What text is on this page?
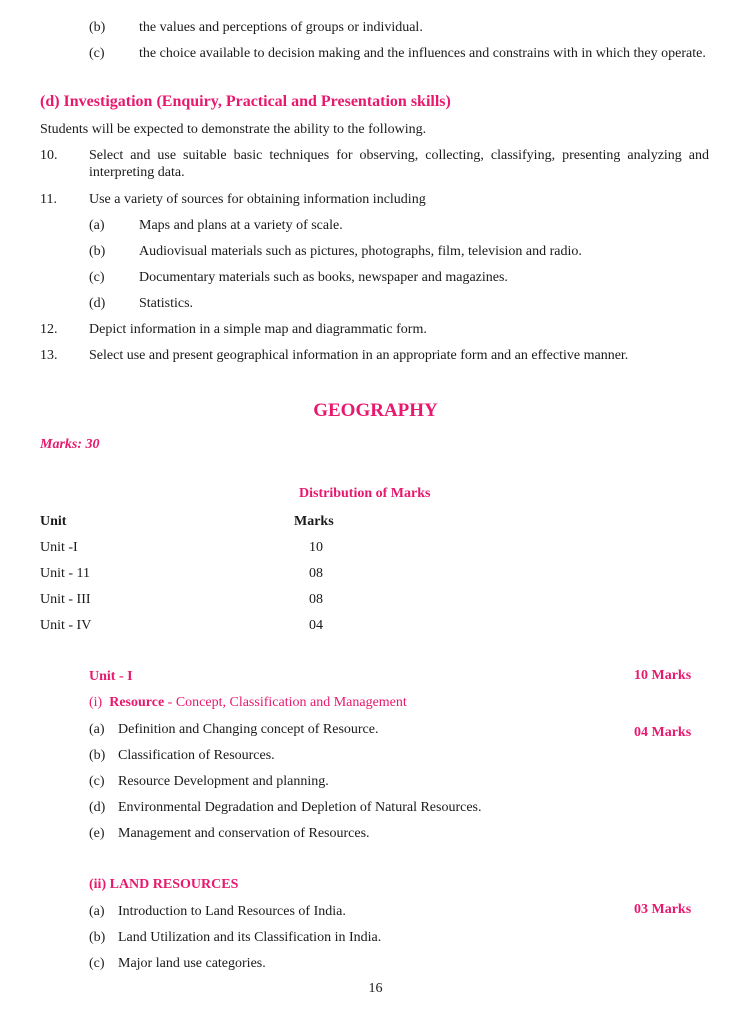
(b) the values and perceptions of groups or individual.
(c) the choice available to decision making and the influences and constrains with in which they operate.
(d) Investigation (Enquiry, Practical and Presentation skills)
Students will be expected to demonstrate the ability to the following.
10. Select and use suitable basic techniques for observing, collecting, classifying, presenting analyzing and interpreting data.
11. Use a variety of sources for obtaining information including
(a) Maps and plans at a variety of scale.
(b) Audiovisual materials such as pictures, photographs, film, television and radio.
(c) Documentary materials such as books, newspaper and magazines.
(d) Statistics.
12. Depict information in a simple map and diagrammatic form.
13. Select use and present geographical information in an appropriate form and an effective manner.
GEOGRAPHY
Marks: 30
Distribution of Marks
Unit	Marks
Unit -I	10
Unit - 11	08
Unit - III	08
Unit - IV	04
Unit - I	10 Marks
(i) Resource - Concept, Classification and Management
(a) Definition and Changing concept of Resource.	04 Marks
(b) Classification of Resources.
(c) Resource Development and planning.
(d) Environmental Degradation and Depletion of Natural Resources.
(e) Management and conservation of Resources.
(ii) LAND RESOURCES
(a) Introduction to Land Resources of India.	03 Marks
(b) Land Utilization and its Classification in India.
(c) Major land use categories.
16
